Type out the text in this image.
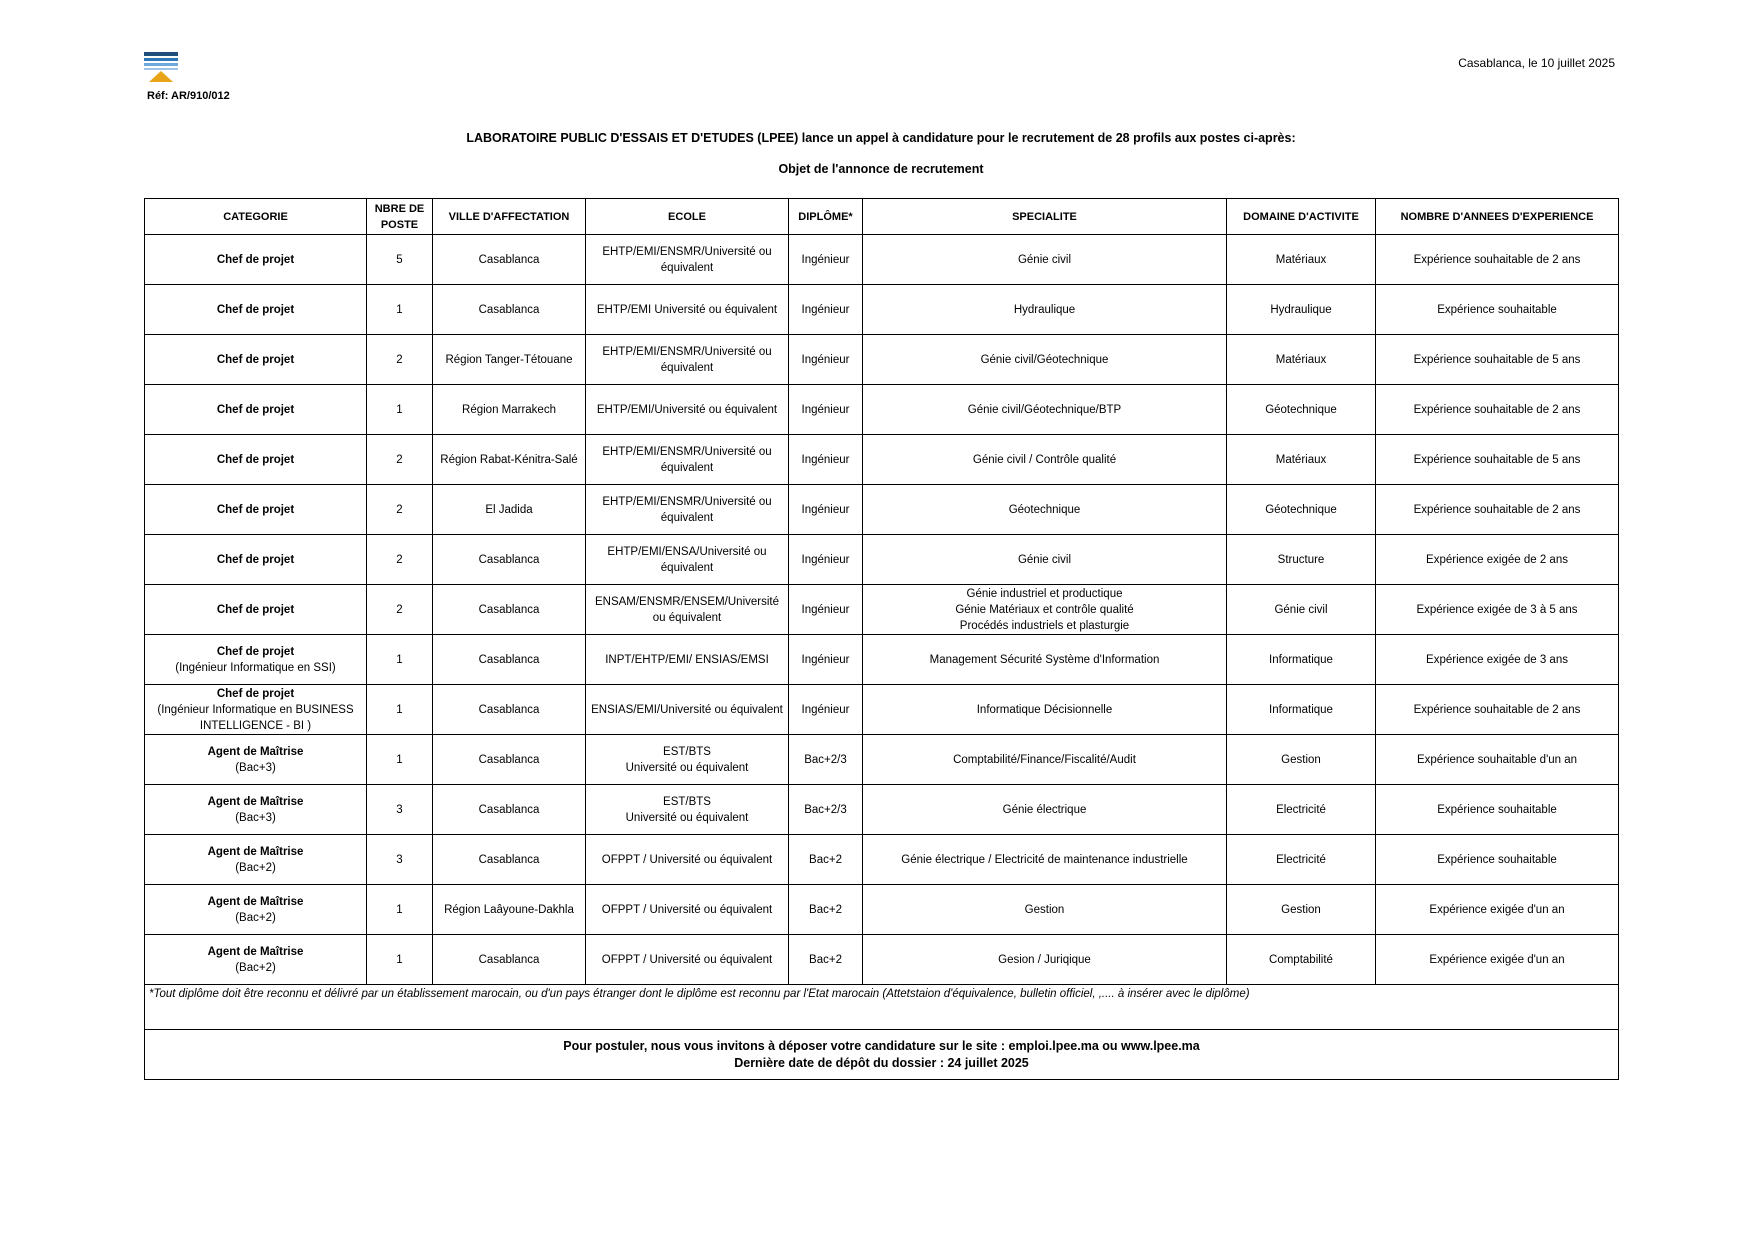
Réf: AR/910/012
Casablanca, le 10 juillet 2025
LABORATOIRE PUBLIC D'ESSAIS ET D'ETUDES (LPEE) lance un appel à candidature pour le recrutement de 28 profils aux postes ci-après:
Objet de l'annonce de recrutement
CATEGORIE	NBRE DE POSTE	VILLE D'AFFECTATION	ECOLE	DIPLÔME*	SPECIALITE	DOMAINE D'ACTIVITE	NOMBRE D'ANNEES D'EXPERIENCE

Chef de projet	5	Casablanca	EHTP/EMI/ENSMR/Université ou
équivalent	Ingénieur	Génie civil	Matériaux	Expérience souhaitable de 2 ans

Chef de projet	1	Casablanca	EHTP/EMI Université ou équivalent	Ingénieur	Hydraulique	Hydraulique	Expérience souhaitable

Chef de projet	2	Région Tanger-Tétouane	EHTP/EMI/ENSMR/Université ou
équivalent	Ingénieur	Génie civil/Géotechnique	Matériaux	Expérience souhaitable de 5 ans

Chef de projet	1	Région Marrakech	EHTP/EMI/Université ou équivalent	Ingénieur	Génie civil/Géotechnique/BTP	Géotechnique	Expérience souhaitable de 2 ans

Chef de projet	2	Région Rabat-Kénitra-Salé	EHTP/EMI/ENSMR/Université ou
équivalent	Ingénieur	Génie civil / Contrôle qualité	Matériaux	Expérience souhaitable de 5 ans

Chef de projet	2	El Jadida	EHTP/EMI/ENSMR/Université ou
équivalent	Ingénieur	Géotechnique	Géotechnique	Expérience souhaitable de 2 ans

Chef de projet	2	Casablanca	EHTP/EMI/ENSA/Université ou
équivalent	Ingénieur	Génie civil	Structure	Expérience exigée de 2 ans

Chef de projet	2	Casablanca	ENSAM/ENSMR/ENSEM/Université
ou équivalent	Ingénieur	Génie industriel et productique
Génie Matériaux et contrôle qualité
Procédés industriels et plasturgie	Génie civil	Expérience exigée de 3 à 5 ans

Chef de projet
(Ingénieur Informatique en SSI)	1	Casablanca	INPT/EHTP/EMI/ ENSIAS/EMSI	Ingénieur	Management Sécurité Système d'Information	Informatique	Expérience exigée de 3 ans

Chef de projet
(Ingénieur Informatique en BUSINESS INTELLIGENCE - BI )	1	Casablanca	ENSIAS/EMI/Université ou équivalent	Ingénieur	Informatique Décisionnelle	Informatique	Expérience souhaitable de 2 ans

Agent de Maîtrise
(Bac+3)	1	Casablanca	EST/BTS
Université ou équivalent	Bac+2/3	Comptabilité/Finance/Fiscalité/Audit	Gestion	Expérience souhaitable d'un an

Agent de Maîtrise
(Bac+3)	3	Casablanca	EST/BTS
Université ou équivalent	Bac+2/3	Génie électrique	Electricité	Expérience souhaitable

Agent de Maîtrise
(Bac+2)	3	Casablanca	OFPPT / Université ou équivalent	Bac+2	Génie électrique / Electricité de maintenance industrielle	Electricité	Expérience souhaitable

Agent de Maîtrise
(Bac+2)	1	Région Laâyoune-Dakhla	OFPPT / Université ou équivalent	Bac+2	Gestion	Gestion	Expérience exigée d'un an

Agent de Maîtrise
(Bac+2)	1	Casablanca	OFPPT / Université ou équivalent	Bac+2	Gesion / Juriqique	Comptabilité	Expérience exigée d'un an
*Tout diplôme doit être reconnu et délivré par un établissement marocain, ou d'un pays étranger dont le diplôme est reconnu par l'Etat marocain (Attetstaion d'équivalence, bulletin officiel, ,.... à insérer avec le diplôme)							

Pour postuler, nous vous invitons à déposer votre candidature sur le site : emploi.lpee.ma ou www.lpee.ma
Dernière date de dépôt du dossier : 24 juillet 2025							
